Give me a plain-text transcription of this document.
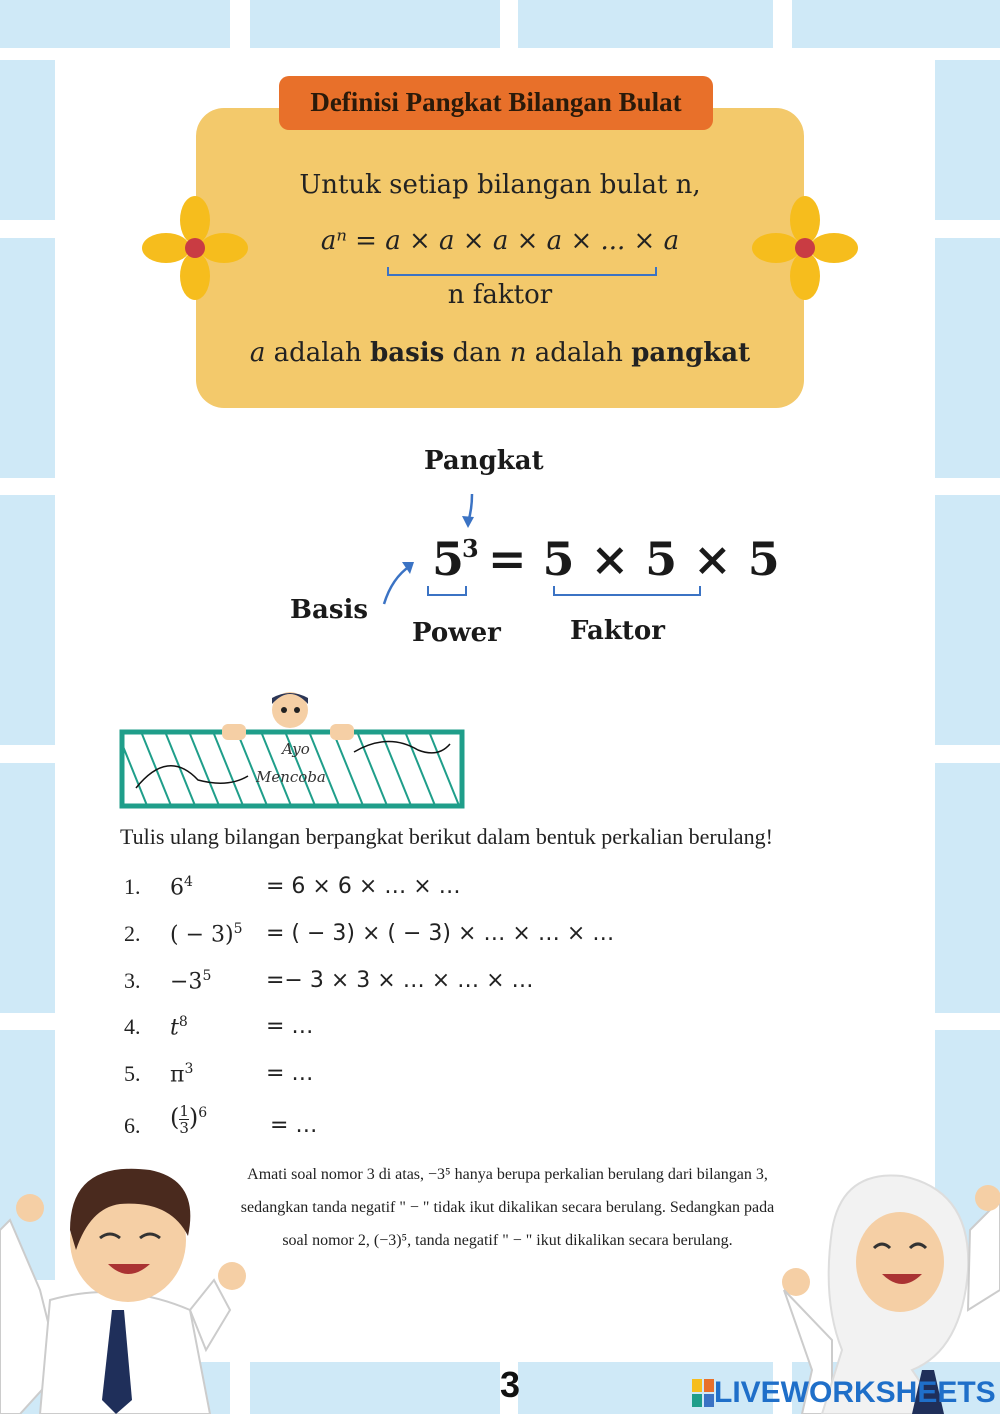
Definisi Pangkat Bilangan Bulat
Untuk setiap bilangan bulat n,
aⁿ = a × a × a × a × ... × a
n faktor
a adalah basis dan n adalah pangkat
Pangkat
5
3 = 5 × 5 × 5
Basis
Power	Faktor
Ayo
Mencoba
Tulis ulang bilangan berpangkat berikut dalam bentuk perkalian berulang!
1. $6^4$	= 6 × 6 × … × …
2. ( − 3)$^5$ = ( − 3) × ( − 3) × … × … × …
3. $-3^5 =- 3 \times 3$ × … × … × …
4. $t^8$	= …
5. $\pi^3$	= …
6. ( $\frac{1}{3} )^6$	= …
Amati soal nomor 3 di atas, −3⁵ hanya berupa perkalian berulang dari bilangan 3,
sedangkan tanda negatif " − " tidak ikut dikalikan secara berulang. Sedangkan pada
soal nomor 2, (−3)⁵, tanda negatif " − " ikut dikalikan secara berulang.
3	LIVEWORKSHEETS
